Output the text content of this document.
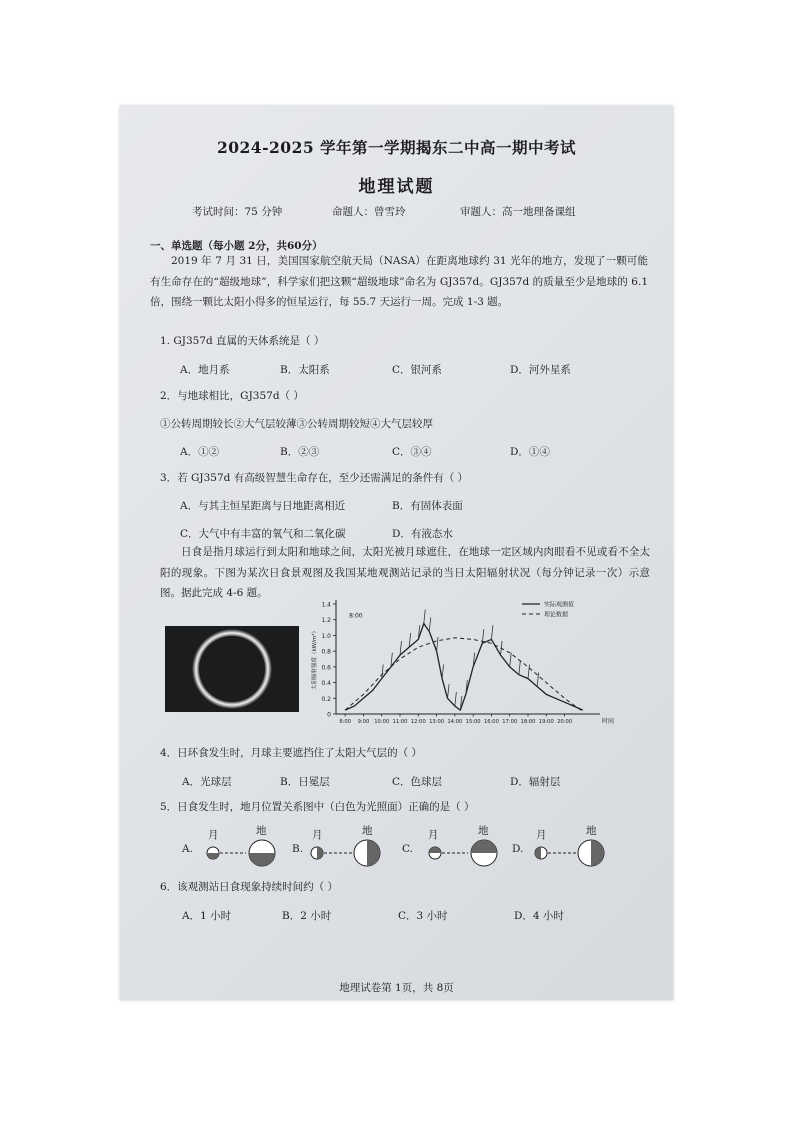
2024-2025 学年第一学期揭东二中高一期中考试
地理试题
考试时间：75 分钟	命题人：曾雪玲	审题人：高一地理备课组
一、单选题（每小题 2分，共60分）
2019 年 7 月 31 日，美国国家航空航天局（NASA）在距离地球约 31 光年的地方，发现了一颗可能有生命存在的“超级地球”，科学家们把这颗“超级地球”命名为 GJ357d。GJ357d 的质量至少是地球的 6.1倍，围绕一颗比太阳小得多的恒星运行，每 55.7 天运行一周。完成 1-3 题。
1. GJ357d 直属的天体系统是（ ）
A．地月系	B．太阳系	C．银河系	D．河外星系
2．与地球相比，GJ357d（ ）
①公转周期较长②大气层较薄③公转周期较短④大气层较厚
A．①②	B．②③	C．③④	D．①④
3．若 GJ357d 有高级智慧生命存在，至少还需满足的条件有（ ）
A．与其主恒星距离与日地距离相近	B．有固体表面
C．大气中有丰富的氧气和二氧化碳	D．有液态水
日食是指月球运行到太阳和地球之间，太阳光被月球遮住，在地球一定区域内肉眼看不见或看不全太阳的现象。下图为某次日食景观图及我国某地观测站记录的当日太阳辐射状况（每分钟记录一次）示意图。据此完成 4-6 题。
0
0.2
0.4
0.6
0.8
1.0
1.2
1.4
8:00 9:00 10:00 11:00 12:00 13:00 14:00 15:00 16:00 17:00 18:00 19:00 20:00	时间
太阳辐射强度（kW/m²）
8:00
实际观测值
理论数据
4．日环食发生时，月球主要遮挡住了太阳大气层的（ ）
A．光球层	B．日冕层	C．色球层	D．辐射层
5．日食发生时，地月位置关系图中（白色为光照面）正确的是（ ）
A.
月	地
B.
月	地
C.
月	地
D.
月	地
6．该观测站日食现象持续时间约（ ）
A．1 小时	B．2 小时	C．3 小时	D．4 小时
地理试卷第 1页，共 8页
